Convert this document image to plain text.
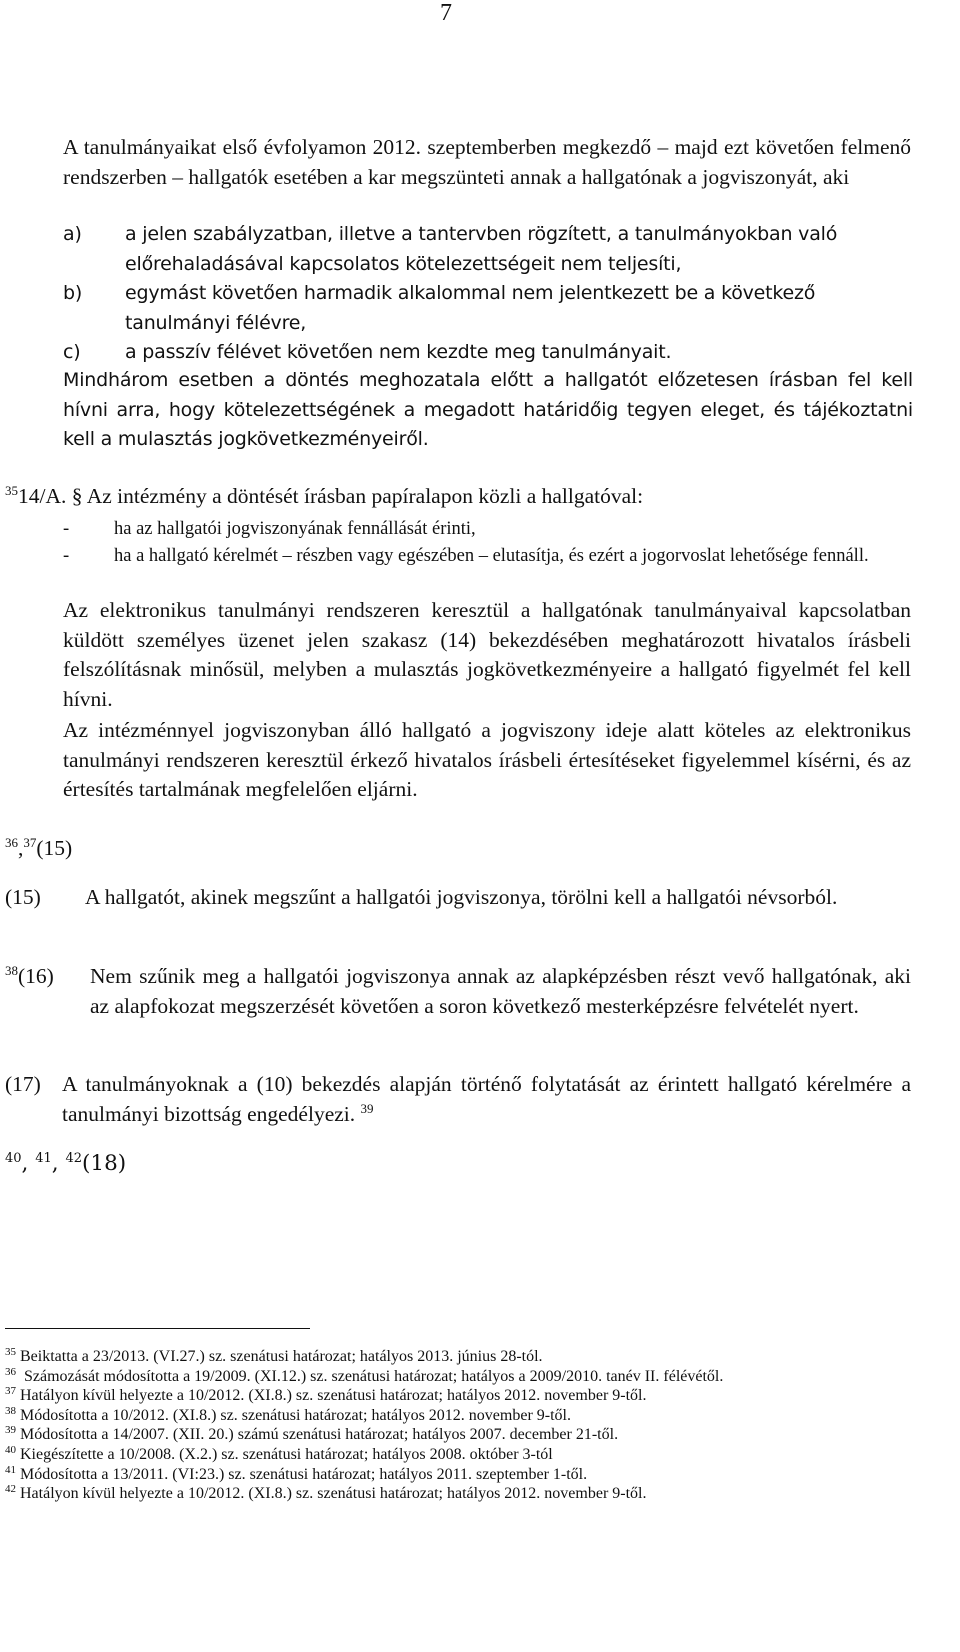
7
A tanulmányaikat első évfolyamon 2012. szeptemberben megkezdő – majd ezt követően felmenő rendszerben – hallgatók esetében a kar megszünteti annak a hallgatónak a jogviszonyát, aki
a) a jelen szabályzatban, illetve a tantervben rögzített, a tanulmányokban való előrehaladásával kapcsolatos kötelezettségeit nem teljesíti,
b) egymást követően harmadik alkalommal nem jelentkezett be a következő tanulmányi félévre,
c) a passzív félévet követően nem kezdte meg tanulmányait.
Mindhárom esetben a döntés meghozatala előtt a hallgatót előzetesen írásban fel kell hívni arra, hogy kötelezettségének a megadott határidőig tegyen eleget, és tájékoztatni kell a mulasztás jogkövetkezményeiről.
$^{35}$14/A. § Az intézmény a döntését írásban papíralapon közli a hallgatóval:
- ha az hallgatói jogviszonyának fennállását érinti,
- ha a hallgató kérelmét – részben vagy egészében – elutasítja, és ezért a jogorvoslat lehetősége fennáll.
Az elektronikus tanulmányi rendszeren keresztül a hallgatónak tanulmányaival kapcsolatban küldött személyes üzenet jelen szakasz (14) bekezdésében meghatározott hivatalos írásbeli felszólításnak minősül, melyben a mulasztás jogkövetkezményeire a hallgató figyelmét fel kell hívni.
Az intézménnyel jogviszonyban álló hallgató a jogviszony ideje alatt köteles az elektronikus tanulmányi rendszeren keresztül érkező hivatalos írásbeli értesítéseket figyelemmel kísérni, és az értesítés tartalmának megfelelően eljárni.
$^{36}$,$^{37}$(15)
(15) A hallgatót, akinek megszűnt a hallgatói jogviszonya, törölni kell a hallgatói névsorból.
$^{38}$(16) Nem szűnik meg a hallgatói jogviszonya annak az alapképzésben részt vevő hallgatónak, aki az alapfokozat megszerzését követően a soron következő mesterképzésre felvételét nyert.
(17) A tanulmányoknak a (10) bekezdés alapján történő folytatását az érintett hallgató kérelmére a tanulmányi bizottság engedélyezi. $^{39}$
$^{40}$, $^{41}$, $^{42}$(18)

$^{35}$ Beiktatta a 23/2013. (VI.27.) sz. szenátusi határozat; hatályos 2013. június 28-tól.

$^{36}$ Számozását módosította a 19/2009. (XI.12.) sz. szenátusi határozat; hatályos a 2009/2010. tanév II. félévétől.

$^{37}$ Hatályon kívül helyezte a 10/2012. (XI.8.) sz. szenátusi határozat; hatályos 2012. november 9-től.

$^{38}$ Módosította a 10/2012. (XI.8.) sz. szenátusi határozat; hatályos 2012. november 9-től.

$^{39}$ Módosította a 14/2007. (XII. 20.) számú szenátusi határozat; hatályos 2007. december 21-től.

$^{40}$ Kiegészítette a 10/2008. (X.2.) sz. szenátusi határozat; hatályos 2008. október 3-tól

$^{41}$ Módosította a 13/2011. (VI:23.) sz. szenátusi határozat; hatályos 2011. szeptember 1-től.

$^{42}$ Hatályon kívül helyezte a 10/2012. (XI.8.) sz. szenátusi határozat; hatályos 2012. november 9-től.
